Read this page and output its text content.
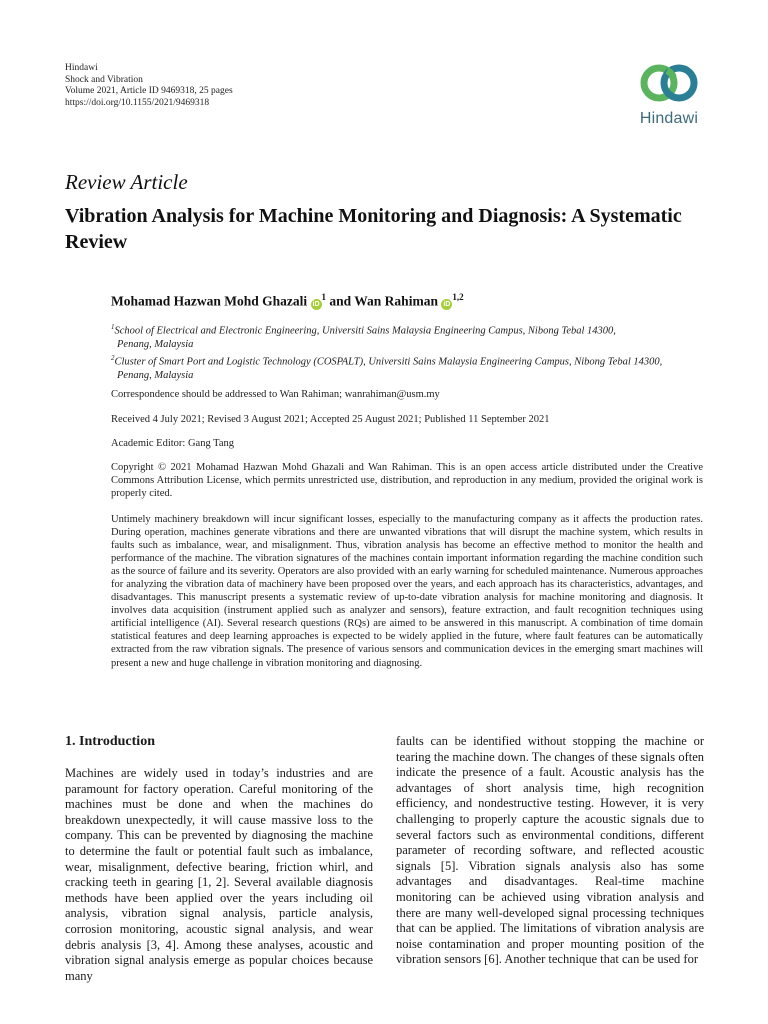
Hindawi
Shock and Vibration
Volume 2021, Article ID 9469318, 25 pages
https://doi.org/10.1155/2021/9469318
Hindawi
Review Article
Vibration Analysis for Machine Monitoring and Diagnosis: A Systematic Review
Mohamad Hazwan Mohd Ghazali $iD^1$ and Wan Rahiman iD$^{1,2}$
$^1$School of Electrical and Electronic Engineering, Universiti Sains Malaysia Engineering Campus, Nibong Tebal 14300,
Penang, Malaysia
$^2$Cluster of Smart Port and Logistic Technology (COSPALT), Universiti Sains Malaysia Engineering Campus, Nibong Tebal 14300,
Penang, Malaysia
Correspondence should be addressed to Wan Rahiman; wanrahiman@usm.my
Received 4 July 2021; Revised 3 August 2021; Accepted 25 August 2021; Published 11 September 2021
Academic Editor: Gang Tang
Copyright © 2021 Mohamad Hazwan Mohd Ghazali and Wan Rahiman. This is an open access article distributed under the Creative Commons Attribution License, which permits unrestricted use, distribution, and reproduction in any medium, provided the original work is properly cited.
Untimely machinery breakdown will incur significant losses, especially to the manufacturing company as it affects the production rates. During operation, machines generate vibrations and there are unwanted vibrations that will disrupt the machine system, which results in faults such as imbalance, wear, and misalignment. Thus, vibration analysis has become an effective method to monitor the health and performance of the machine. The vibration signatures of the machines contain important information regarding the machine condition such as the source of failure and its severity. Operators are also provided with an early warning for scheduled maintenance. Numerous approaches for analyzing the vibration data of machinery have been proposed over the years, and each approach has its characteristics, advantages, and disadvantages. This manuscript presents a systematic review of up-to-date vibration analysis for machine monitoring and diagnosis. It involves data acquisition (instrument applied such as analyzer and sensors), feature extraction, and fault recognition techniques using artificial intelligence (AI). Several research questions (RQs) are aimed to be answered in this manuscript. A combination of time domain statistical features and deep learning approaches is expected to be widely applied in the future, where fault features can be automatically extracted from the raw vibration signals. The presence of various sensors and communication devices in the emerging smart machines will present a new and huge challenge in vibration monitoring and diagnosing.
1. Introduction

Machines are widely used in today’s industries and are paramount for factory operation. Careful monitoring of the machines must be done and when the machines do breakdown unexpectedly, it will cause massive loss to the company. This can be prevented by diagnosing the machine to determine the fault or potential fault such as imbalance, wear, misalignment, defective bearing, friction whirl, and cracking teeth in gearing [1, 2]. Several available diagnosis methods have been applied over the years including oil analysis, vibration signal analysis, particle analysis, corrosion monitoring, acoustic signal analysis, and wear debris analysis [3, 4]. Among these analyses, acoustic and vibration signal analysis emerge as popular choices because many

faults can be identified without stopping the machine or tearing the machine down. The changes of these signals often indicate the presence of a fault. Acoustic analysis has the advantages of short analysis time, high recognition efficiency, and nondestructive testing. However, it is very challenging to properly capture the acoustic signals due to several factors such as environmental conditions, different parameter of recording software, and reflected acoustic signals [5]. Vibration signals analysis also has some advantages and disadvantages. Real-time machine monitoring can be achieved using vibration analysis and there are many well-developed signal processing techniques that can be applied. The limitations of vibration analysis are noise contamination and proper mounting position of the vibration sensors [6]. Another technique that can be used for
